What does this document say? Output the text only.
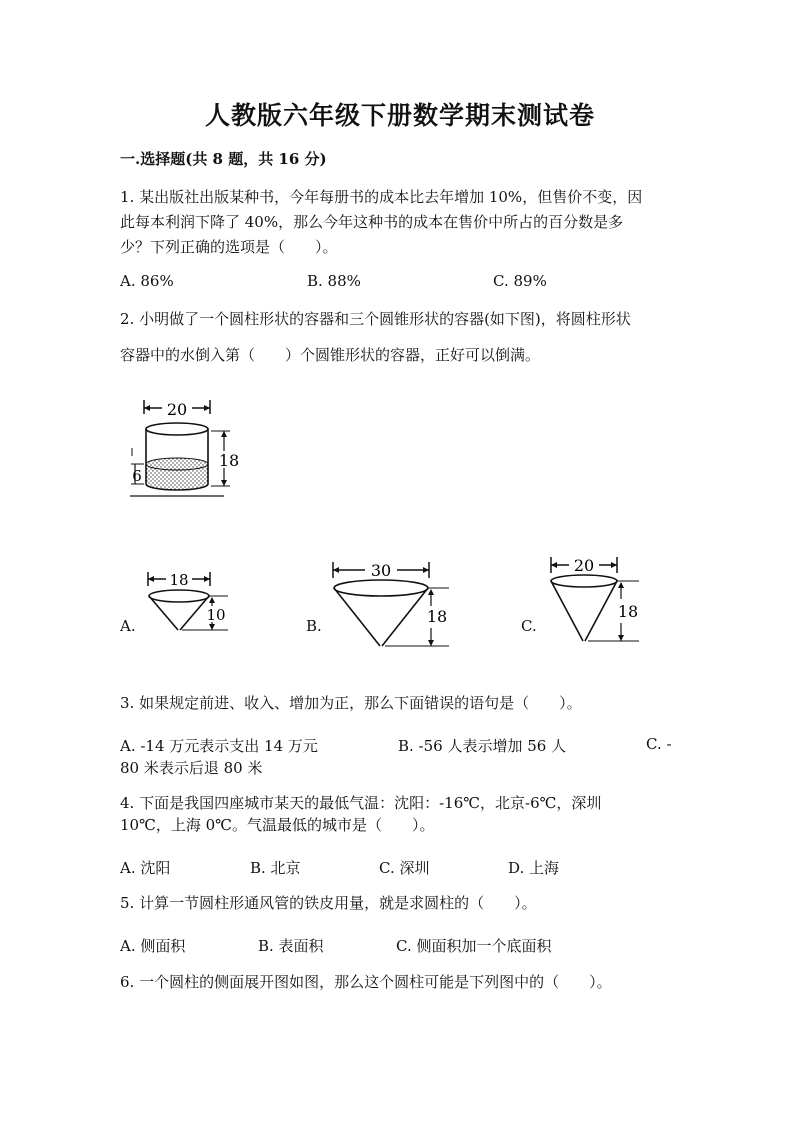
人教版六年级下册数学期末测试卷
一.选择题(共 8 题，共 16 分)
1. 某出版社出版某种书，今年每册书的成本比去年增加 10%，但售价不变，因
此每本利润下降了 40%，那么今年这种书的成本在售价中所占的百分数是多
少？下列正确的选项是（　　）。
A. 86%	B. 88%	C. 89%
2. 小明做了一个圆柱形状的容器和三个圆锥形状的容器(如下图)，将圆柱形状
容器中的水倒入第（　　）个圆锥形状的容器，正好可以倒满。
20
18
6
A.
18
10
B.
30
18	C.
20
18
3. 如果规定前进、收入、增加为正，那么下面错误的语句是（　　）。
A. -14 万元表示支出 14 万元	B. -56 人表示增加 56 人	C. -
80 米表示后退 80 米
4. 下面是我国四座城市某天的最低气温：沈阳：-16℃，北京-6℃，深圳
10℃，上海 0℃。气温最低的城市是（　　）。
A. 沈阳	B. 北京	C. 深圳	D. 上海
5. 计算一节圆柱形通风管的铁皮用量，就是求圆柱的（　　）。
A. 侧面积	B. 表面积	C. 侧面积加一个底面积
6. 一个圆柱的侧面展开图如图，那么这个圆柱可能是下列图中的（　　）。
